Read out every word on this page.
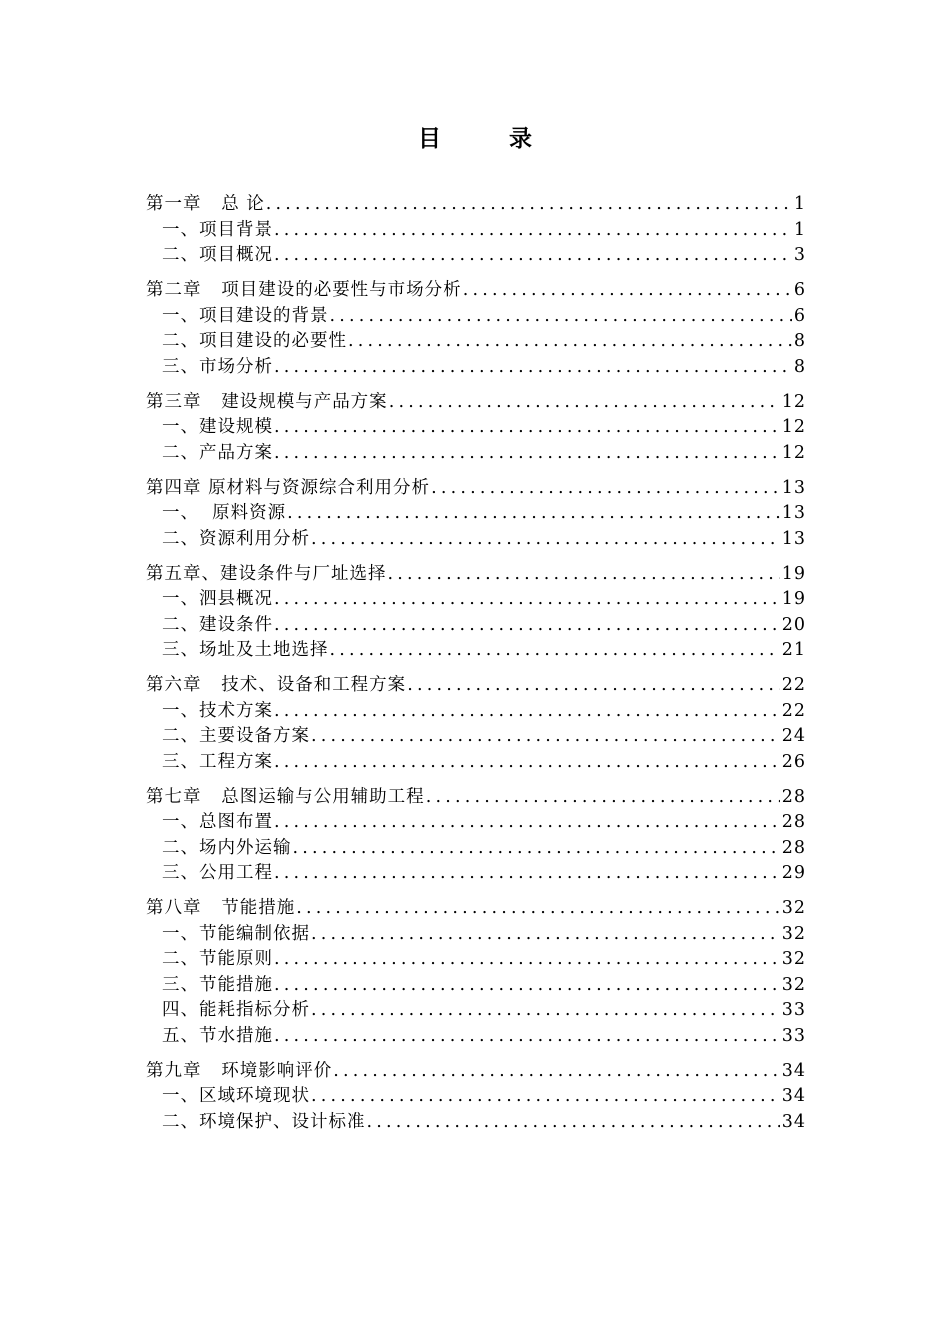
目 录
第一章   总 论 .....	1
一、项目背景 .....	1
二、项目概况 .....	3
第二章   项目建设的必要性与市场分析 .....	6
一、项目建设的背景 .....	6
二、项目建设的必要性 .....	8
三、市场分析 .....	8
第三章   建设规模与产品方案 .....	12
一、建设规模 .....	12
二、产品方案 .....	12
第四章 原材料与资源综合利用分析 .....	13
一、  原料资源 .....	13
二、资源利用分析 .....	13
第五章、建设条件与厂址选择 .....	19
一、泗县概况 .....	19
二、建设条件 .....	20
三、场址及土地选择 .....	21
第六章   技术、设备和工程方案 .....	22
一、技术方案 .....	22
二、主要设备方案 .....	24
三、工程方案 .....	26
第七章   总图运输与公用辅助工程 .....	28
一、总图布置 .....	28
二、场内外运输 .....	28
三、公用工程 .....	29
第八章   节能措施 .....	32
一、节能编制依据 .....	32
二、节能原则 .....	32
三、节能措施 .....	32
四、能耗指标分析 .....	33
五、节水措施 .....	33
第九章   环境影响评价 .....	34
一、区域环境现状 .....	34
二、环境保护、设计标准 .....	34
